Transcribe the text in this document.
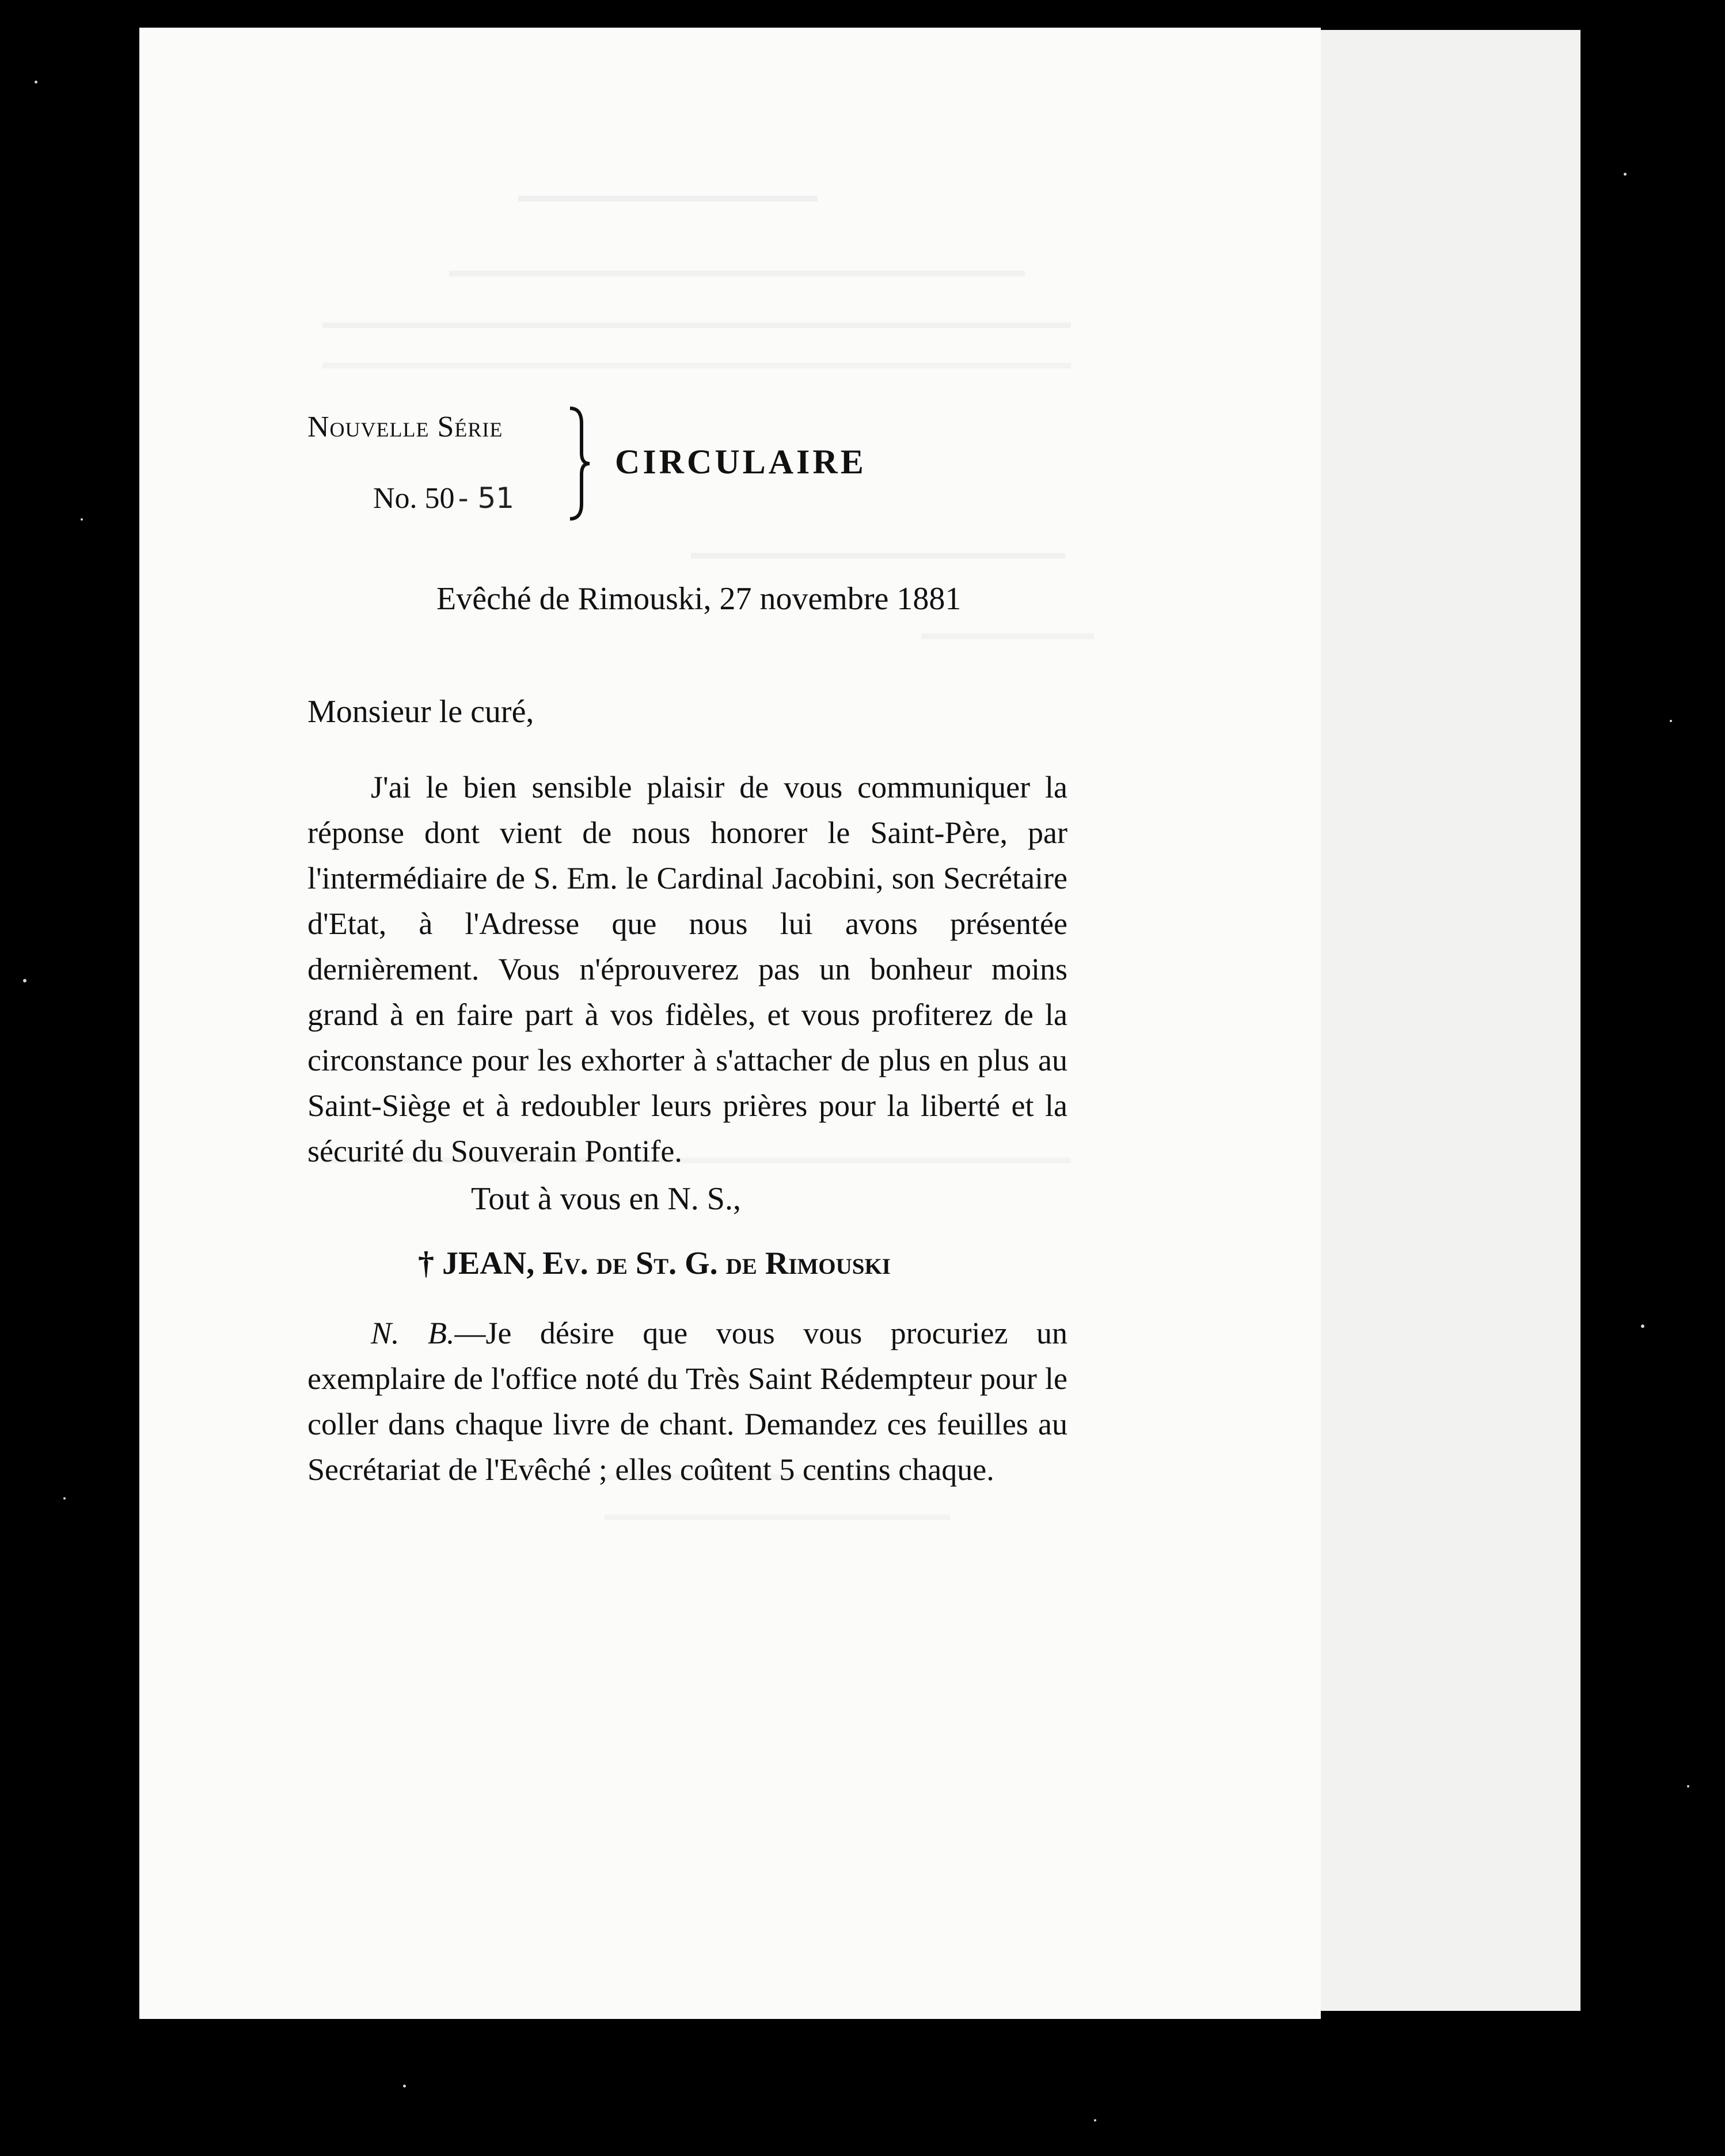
Nouvelle Série
No. 50 - 51
CIRCULAIRE
Evêché de Rimouski, 27 novembre 1881
Monsieur le curé,

J'ai le bien sensible plaisir de vous communiquer la réponse dont vient de nous honorer le Saint-Père, par l'intermédiaire de S. Em. le Cardinal Jacobini, son Secrétaire d'Etat, à l'Adresse que nous lui avons présentée dernièrement. Vous n'éprouverez pas un bonheur moins grand à en faire part à vos fidèles, et vous profiterez de la circonstance pour les exhorter à s'attacher de plus en plus au Saint-Siège et à redoubler leurs prières pour la liberté et la sécurité du Souverain Pontife.

Tout à vous en N. S.,
† JEAN, Ev. de St. G. de Rimouski

N. B.—Je désire que vous vous procuriez un exemplaire de l'office noté du Très Saint Rédempteur pour le coller dans chaque livre de chant. Demandez ces feuilles au Secrétariat de l'Evêché ; elles coûtent 5 centins chaque.
